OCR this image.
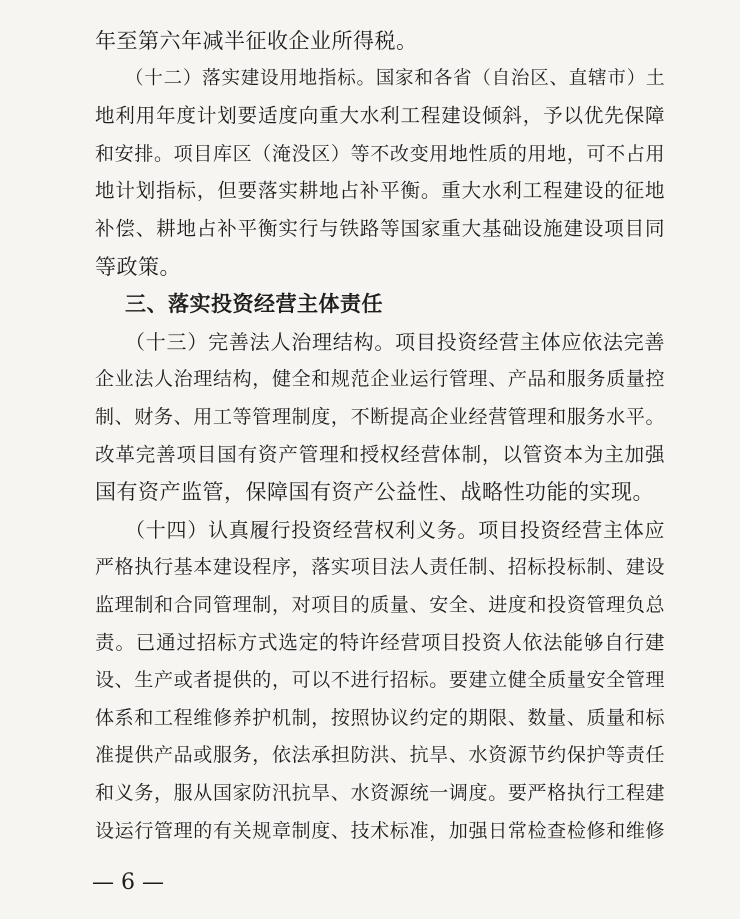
年至第六年减半征收企业所得税。
（十二）落实建设用地指标。国家和各省（自治区、直辖市）土
地利用年度计划要适度向重大水利工程建设倾斜，予以优先保障
和安排。项目库区（淹没区）等不改变用地性质的用地，可不占用
地计划指标，但要落实耕地占补平衡。重大水利工程建设的征地
补偿、耕地占补平衡实行与铁路等国家重大基础设施建设项目同
等政策。
三、落实投资经营主体责任
（十三）完善法人治理结构。项目投资经营主体应依法完善
企业法人治理结构，健全和规范企业运行管理、产品和服务质量控
制、财务、用工等管理制度，不断提高企业经营管理和服务水平。
改革完善项目国有资产管理和授权经营体制，以管资本为主加强
国有资产监管，保障国有资产公益性、战略性功能的实现。
（十四）认真履行投资经营权利义务。项目投资经营主体应
严格执行基本建设程序，落实项目法人责任制、招标投标制、建设
监理制和合同管理制，对项目的质量、安全、进度和投资管理负总
责。已通过招标方式选定的特许经营项目投资人依法能够自行建
设、生产或者提供的，可以不进行招标。要建立健全质量安全管理
体系和工程维修养护机制，按照协议约定的期限、数量、质量和标
准提供产品或服务，依法承担防洪、抗旱、水资源节约保护等责任
和义务，服从国家防汛抗旱、水资源统一调度。要严格执行工程建
设运行管理的有关规章制度、技术标准，加强日常检查检修和维修
— 6 —
